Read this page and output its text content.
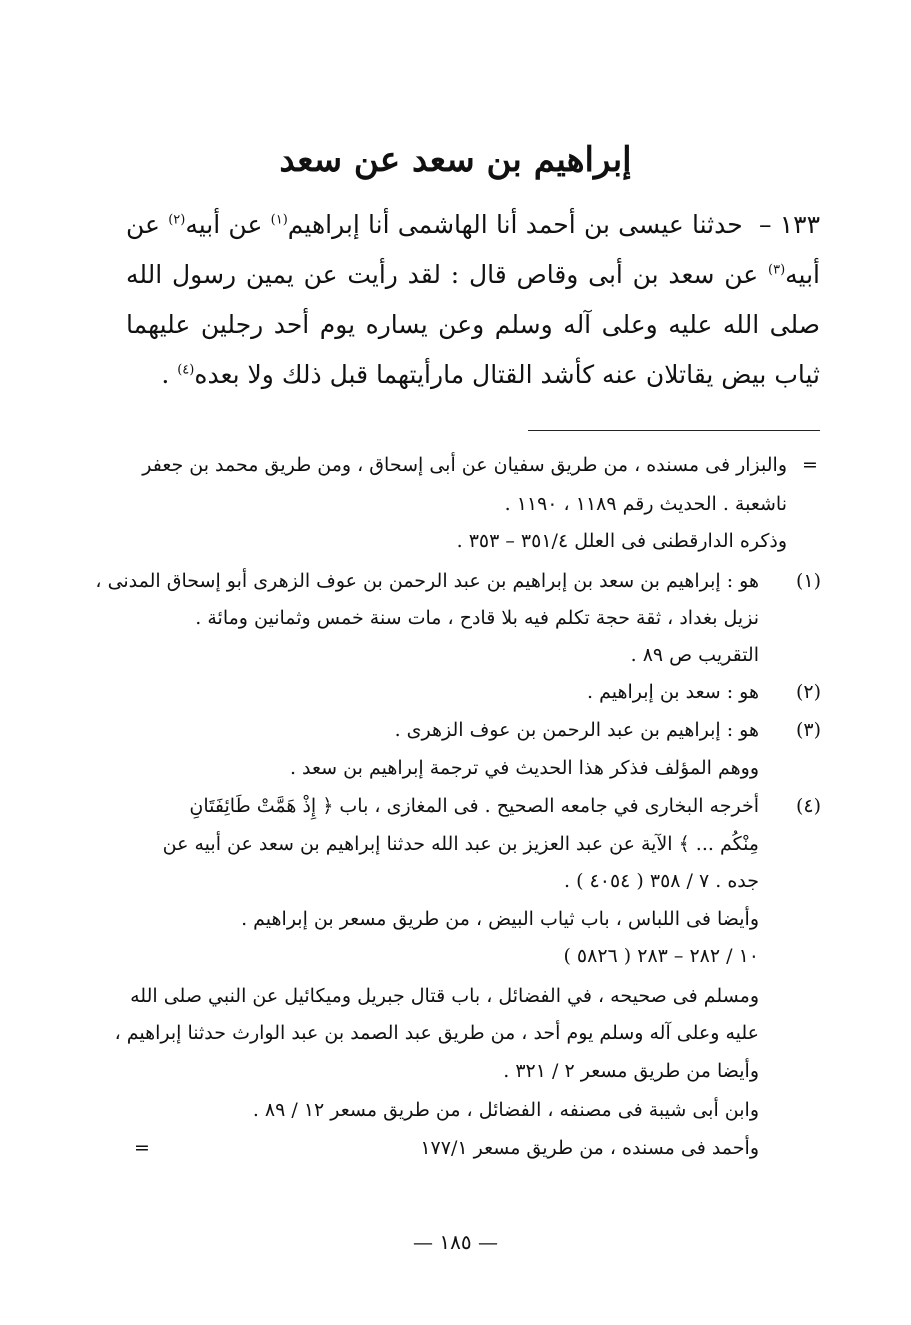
إبراهيم بن سعد عن سعد

١٣٣ – حدثنا عيسى بن أحمد أنا الهاشمى أنا إبراهيم$^{(١)}$ عن أبيه$^{(٢)}$ عن أبيه$^{(٣)}$ عن سعد بن أبى وقاص قال : لقد رأيت عن يمين رسول الله صلى الله عليه وعلى آله وسلم وعن يساره يوم أحد رجلين عليهما ثياب بيض يقاتلان عنه كأشد القتال مارأيتهما قبل ذلك ولا بعده$^{(٤)}$ .

=
والبزار فى مسنده ، من طريق سفيان عن أبى إسحاق ، ومن طريق محمد بن جعفر
ناشعبة . الحديث رقم ١١٨٩ ، ١١٩٠ .
وذكره الدارقطنى فى العلل ٣٥١/٤ – ٣٥٣ .
(١)
هو : إبراهيم بن سعد بن إبراهيم بن عبد الرحمن بن عوف الزهرى أبو إسحاق المدنى ،
نزيل بغداد ، ثقة حجة تكلم فيه بلا قادح ، مات سنة خمس وثمانين ومائة .
التقريب ص ٨٩ .
(٢)
هو : سعد بن إبراهيم .
(٣)
هو : إبراهيم بن عبد الرحمن بن عوف الزهرى .
ووهم المؤلف فذكر هذا الحديث في ترجمة إبراهيم بن سعد .
(٤)
أخرجه البخارى في جامعه الصحيح . فى المغازى ، باب ﴿ إِذْ هَمَّتْ طَائِفَتَانِ
مِنْكُم ... ﴾ الآية عن عبد العزيز بن عبد الله حدثنا إبراهيم بن سعد عن أبيه عن
جده . ٧ / ٣٥٨ ( ٤٠٥٤ ) .
وأيضا فى اللباس ، باب ثياب البيض ، من طريق مسعر بن إبراهيم .
١٠ / ٢٨٢ – ٢٨٣ ( ٥٨٢٦ )
ومسلم فى صحيحه ، في الفضائل ، باب قتال جبريل وميكائيل عن النبي صلى الله
عليه وعلى آله وسلم يوم أحد ، من طريق عبد الصمد بن عبد الوارث حدثنا إبراهيم ،
وأيضا من طريق مسعر ٢ / ٣٢١ .
وابن أبى شيبة فى مصنفه ، الفضائل ، من طريق مسعر ١٢ / ٨٩ .
وأحمد فى مسنده ، من طريق مسعر ١٧٧/١
=
— ١٨٥ —
